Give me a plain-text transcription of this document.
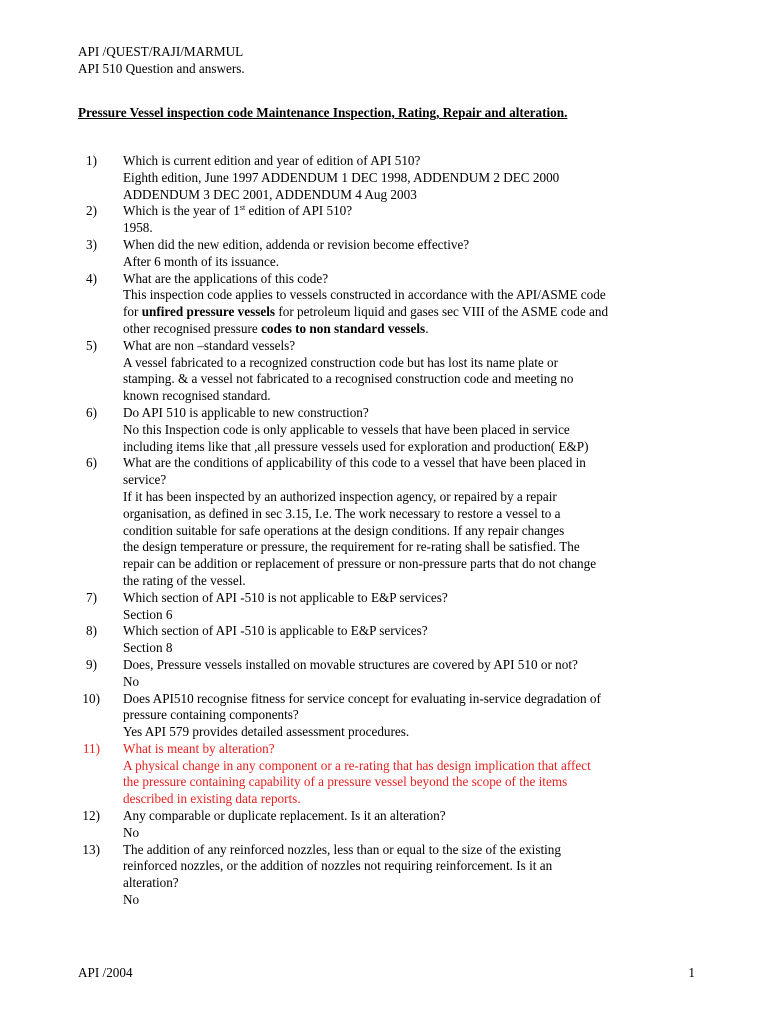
API /QUEST/RAJI/MARMUL
API 510 Question and answers.
Pressure Vessel inspection code Maintenance Inspection, Rating, Repair and alteration.
1) Which is current edition and year of edition of API 510?
Eighth edition, June 1997 ADDENDUM 1 DEC 1998, ADDENDUM 2 DEC 2000
ADDENDUM 3 DEC 2001, ADDENDUM 4 Aug 2003
2) Which is the year of 1st edition of API 510?
1958.
3) When did the new edition, addenda or revision become effective?
After 6 month of its issuance.
4) What are the applications of this code?
This inspection code applies to vessels constructed in accordance with the API/ASME code
for unfired pressure vessels for petroleum liquid and gases sec VIII of the ASME code and
other recognised pressure codes to non standard vessels.
5) What are non –standard vessels?
A vessel fabricated to a recognized construction code but has lost its name plate or
stamping. & a vessel not fabricated to a recognised construction code and meeting no
known recognised standard.
6) Do API 510 is applicable to new construction?
No this Inspection code is only applicable to vessels that have been placed in service
including items like that ,all pressure vessels used for exploration and production( E&P)
6) What are the conditions of applicability of this code to a vessel that have been placed in
service?
If it has been inspected by an authorized inspection agency, or repaired by a repair
organisation, as defined in sec 3.15, I.e. The work necessary to restore a vessel to a
condition suitable for safe operations at the design conditions. If any repair changes
the design temperature or pressure, the requirement for re-rating shall be satisfied. The
repair can be addition or replacement of pressure or non-pressure parts that do not change
the rating of the vessel.
7) Which section of API -510 is not applicable to E&P services?
Section 6
8) Which section of API -510 is applicable to E&P services?
Section 8
9) Does, Pressure vessels installed on movable structures are covered by API 510 or not?
No
10) Does API510 recognise fitness for service concept for evaluating in-service degradation of
pressure containing components?
Yes API 579 provides detailed assessment procedures.
11) What is meant by alteration?
A physical change in any component or a re-rating that has design implication that affect
the pressure containing capability of a pressure vessel beyond the scope of the items
described in existing data reports.
12) Any comparable or duplicate replacement. Is it an alteration?
No
13) The addition of any reinforced nozzles, less than or equal to the size of the existing
reinforced nozzles, or the addition of nozzles not requiring reinforcement. Is it an
alteration?
No
API /2004	1
